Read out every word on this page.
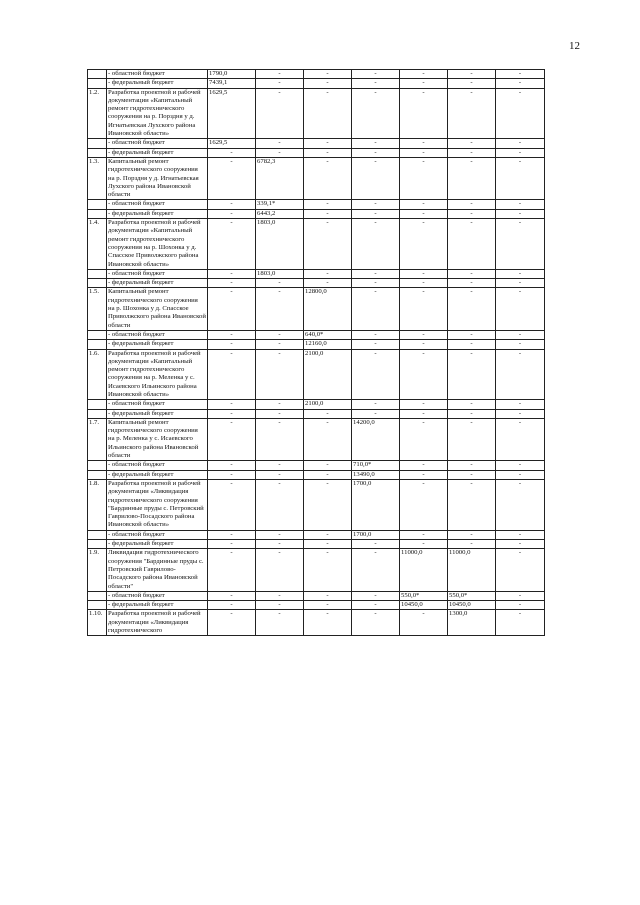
12
	- областной бюджет	1790,0	-	-	-	-	-	-
	- федеральный бюджет	7439,1	-	-	-	-	-	-
1.2.	Разработка проектной и рабочей документации «Капитальный ремонт гидротехнического сооружения на р. Порздня у д. Игнатьевская Лухского района Ивановской области»	1629,5	-	-	-	-	-	-
	- областной бюджет	1629,5	-	-	-	-	-	-
	- федеральный бюджет	-	-	-	-	-	-	-
1.3.	Капитальный ремонт гидротехнического сооружения на р. Порздня у д. Игнатьевская Лухского района Ивановской области	-	6782,3	-	-	-	-	-
	- областной бюджет	-	339,1*	-	-	-	-	-
	- федеральный бюджет	-	6443,2	-	-	-	-	-
1.4.	Разработка проектной и рабочей документации «Капитальный ремонт гидротехнического сооружения на р. Шохонка у д. Спасское Приволжского района Ивановской области»	-	1803,0	-	-	-	-	-
	- областной бюджет	-	1803,0	-	-	-	-	-
	- федеральный бюджет	-	-	-	-	-	-	-
1.5.	Капитальный ремонт гидротехнического сооружения на р. Шохонка у д. Спасское Приволжского района Ивановской области	-	-	12800,0	-	-	-	-
	- областной бюджет	-	-	640,0*	-	-	-	-
	- федеральный бюджет	-	-	12160,0	-	-	-	-
1.6.	Разработка проектной и рабочей документации «Капитальный ремонт гидротехнического сооружения на р. Меленка у с. Исаевского Ильинского района Ивановской области»	-	-	2100,0	-	-	-	-
	- областной бюджет	-	-	2100,0	-	-	-	-
	- федеральный бюджет	-	-	-	-	-	-	-
1.7.	Капитальный ремонт гидротехнического сооружения на р. Меленка у с. Исаевского Ильинского района Ивановской области	-	-	-	14200,0	-	-	-
	- областной бюджет	-	-	-	710,0*	-	-	-
	- федеральный бюджет	-	-	-	13490,0	-	-	-
1.8.	Разработка проектной и рабочей документации «Ликвидация гидротехнического сооружения "Бардинные пруды с. Петровский Гаврилово-Посадского района Ивановской области»	-	-	-	1700,0	-	-	-
	- областной бюджет	-	-	-	1700,0	-	-	-
	- федеральный бюджет	-	-	-	-	-	-	-
1.9.	Ликвидация гидротехнического сооружения "Бардинные пруды с. Петровский Гаврилово-Посадского района Ивановской области"	-	-	-	-	11000,0	11000,0	-
	- областной бюджет	-	-	-	-	550,0*	550,0*	-
	- федеральный бюджет	-	-	-	-	10450,0	10450,0	-
1.10.	Разработка проектной и рабочей документации «Ликвидация гидротехнического	-	-	-	-	-	1300,0	-
